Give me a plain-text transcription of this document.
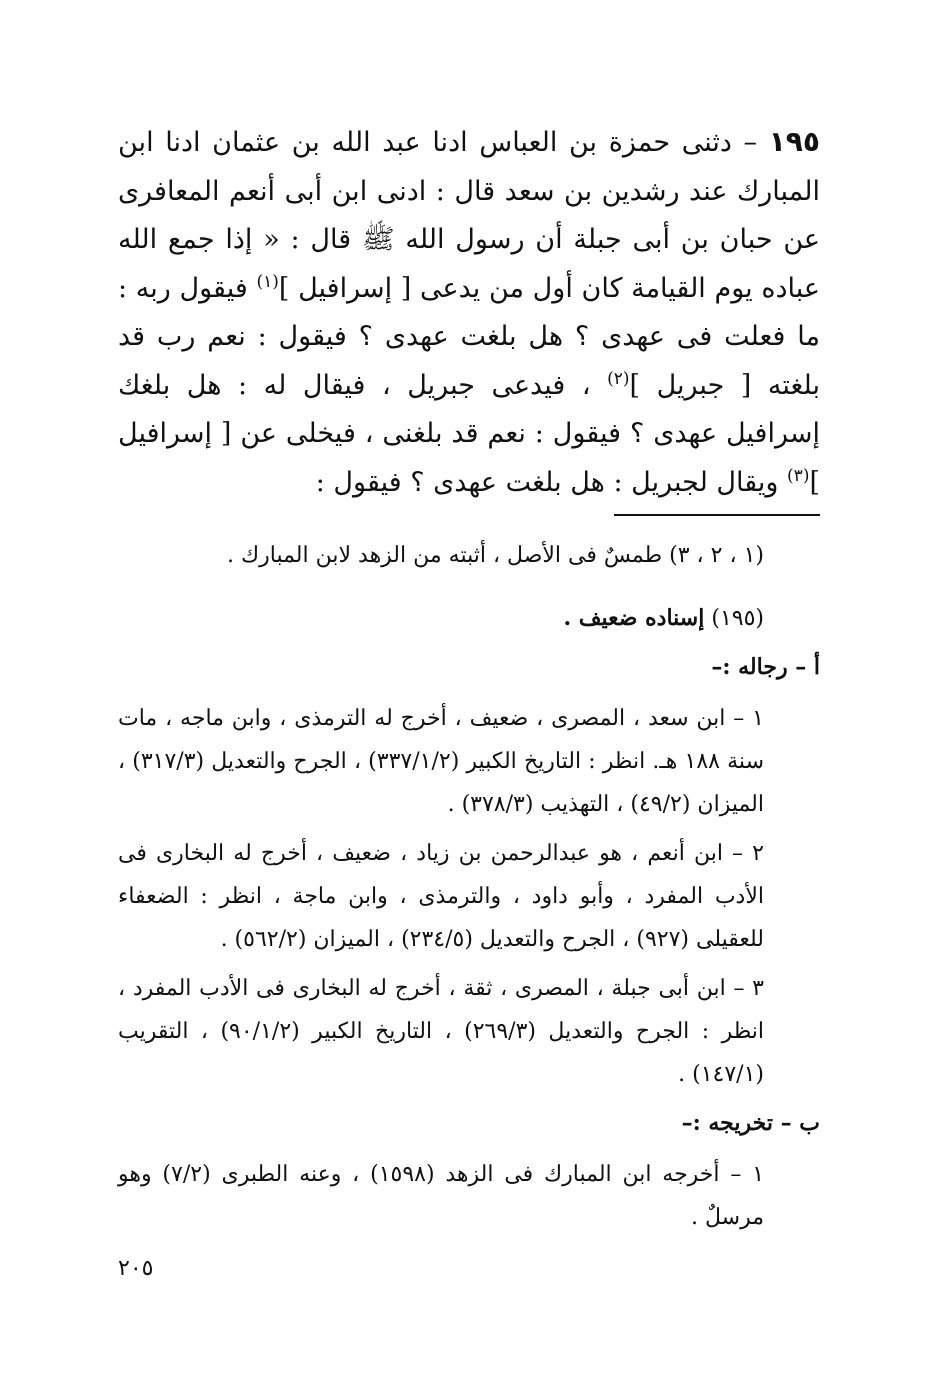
١٩٥ – دثنى حمزة بن العباس ادنا عبد الله بن عثمان ادنا ابن المبارك عند رشدين بن سعد قال : ادنى ابن أبى أنعم المعافرى عن حبان بن أبى جبلة أن رسول الله ﷺ قال : « إذا جمع الله عباده يوم القيامة كان أول من يدعى [ إسرافيل ]$^{(١)}$ فيقول ربه : ما فعلت فى عهدى ؟ هل بلغت عهدى ؟ فيقول : نعم رب قد بلغته [ جبريل ]$^{(٢)}$ ، فيدعى جبريل ، فيقال له : هل بلغك إسرافيل عهدى ؟ فيقول : نعم قد بلغنى ، فيخلى عن [ إسرافيل ]$^{(٣)}$ ويقال لجبريل : هل بلغت عهدى ؟ فيقول :

(١ ، ٢ ، ٣) طمسٌ فى الأصل ، أثبته من الزهد لابن المبارك .

(١٩٥) إسناده ضعيف .

أ – رجاله :–

١ – ابن سعد ، المصرى ، ضعيف ، أخرج له الترمذى ، وابن ماجه ، مات سنة ١٨٨ هـ. انظر : التاريخ الكبير (٣٣٧/١/٢) ، الجرح والتعديل (٣١٧/٣) ، الميزان (٤٩/٢) ، التهذيب (٣٧٨/٣) .

٢ – ابن أنعم ، هو عبدالرحمن بن زياد ، ضعيف ، أخرج له البخارى فى الأدب المفرد ، وأبو داود ، والترمذى ، وابن ماجة ، انظر : الضعفاء للعقيلى (٩٢٧) ، الجرح والتعديل (٢٣٤/٥) ، الميزان (٥٦٢/٢) .

٣ – ابن أبى جبلة ، المصرى ، ثقة ، أخرج له البخارى فى الأدب المفرد ، انظر : الجرح والتعديل (٢٦٩/٣) ، التاريخ الكبير (٩٠/١/٢) ، التقريب (١٤٧/١) .

ب – تخريجه :–

١ – أخرجه ابن المبارك فى الزهد (١٥٩٨) ، وعنه الطبرى (٧/٢) وهو مرسلٌ .

٢٠٥
